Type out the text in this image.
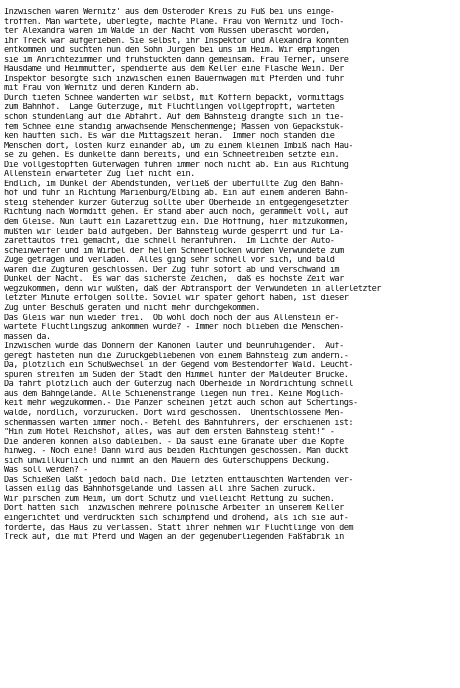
Inzwischen waren Wernitz' aus dem Osteroder Kreis zu Fuß bei uns einge-
troffen. Man wartete, überlegte, machte Pläne. Frau von Wernitz und Toch-
ter Alexandra waren im Walde in der Nacht vom Russen überascht worden,
ihr Treck war aufgerieben. Sie selbst, ihr Inspektor und Alexandra konnten
entkommen und suchten nun den Sohn Jürgen bei uns im Heim. Wir empfingen
sie im Anrichtezimmer und frühstückten dann gemeinsam. Frau Terner, unsere
Hausdame und Heimmutter, spendierte aus dem Keller eine Flasche Wein. Der
Inspektor besorgte sich inzwischen einen Bauernwagen mit Pferden und fuhr
mit Frau von Wernitz und deren Kindern ab.
Durch tiefen Schnee wanderten wir selbst, mit Koffern bepackt, vormittags
zum Bahnhof.  Lange Güterzüge, mit Flüchtlingen vollgepfropft, warteten
schon stundenlang auf die Abfahrt. Auf dem Bahnsteig drängte sich in tie-
fem Schnee eine ständig anwachsende Menschenmenge; Massen von Gepäckstük-
ken häuften sich. Es war die Mittagszeit heran.  Immer noch standen die
Menschen dort, lösten kurz einander ab, um zu einem kleinen Imbiß nach Hau-
se zu gehen. Es dunkelte dann bereits, und ein Schneetreiben setzte ein.
Die vollgestopften Güterwagen fuhren immer noch nicht ab. Ein aus Richtung
Allenstein erwarteter Zug lief nicht ein.
Endlich, im Dunkel der Abendstunden, verließ der überfüllte Zug den Bahn-
hof und fuhr in Richtung Marienburg/Elbing ab. Ein auf einem anderen Bahn-
steig stehender kurzer Güterzug sollte über Oberheide in entgegengesetzter
Richtung nach Wormditt gehen. Er stand aber auch noch, gerammelt voll, auf
dem Gleise. Nun läuft ein Lazarettzug ein. Die Hoffnung, hier mitzukommen,
mußten wir leider bald aufgeben. Der Bahnsteig wurde gesperrt und für La-
zarettautos frei gemacht, die schnell heranfuhren.  Im Lichte der Auto-
scheinwerfer und im Wirbel der hellen Schneeflocken wurden Verwundete zum
Zuge getragen und verladen.  Alles ging sehr schnell vor sich, und bald
waren die Zugtüren geschlossen. Der Zug fuhr sofort ab und verschwand im
Dunkel der Nacht.  Es war das sicherste Zeichen,  daß es höchste Zeit war
wegzukommen, denn wir wußten, daß der Abtransport der Verwundeten in allerletzter
letzter Minute erfolgen sollte. Soviel wir später gehört haben, ist dieser
Zug unter Beschuß geraten und nicht mehr durchgekommen.
Das Gleis war nun wieder frei.  Ob wohl doch noch der aus Allenstein er-
wartete Flüchtlingszug ankommen würde? - Immer noch blieben die Menschen-
massen da.
Inzwischen wurde das Donnern der Kanonen lauter und beunruhigender.  Auf-
geregt hasteten nun die Zurückgebliebenen von einem Bahnsteig zum andern.-
Da, plötzlich ein Schußwechsel in der Gegend vom Bestendorfer Wald. Leucht-
spuren streifen im Süden der Stadt den Himmel hinter der Maldeuter Brücke.
Da fährt plötzlich auch der Güterzug nach Oberheide in Nordrichtung schnell
aus dem Bahngelände. Alle Schienenstränge liegen nun frei. Keine Möglich-
keit mehr wegzukommen.- Die Panzer scheinen jetzt auch schon auf Schertings-
walde, nördlich, vorzurücken. Dort wird geschossen.  Unentschlossene Men-
schenmassen warten immer noch.- Befehl des Bahnführers, der erschienen ist:
"Hin zum Hotel Reichshof, alles, was auf dem ersten Bahnsteig steht!" -
Die anderen können also dableiben. - Da saust eine Granate über die Köpfe
hinweg. - Noch eine! Dann wird aus beiden Richtungen geschossen. Man duckt
sich unwillkürlich und nimmt an den Mauern des Güterschuppens Deckung.
Was soll werden? -
Das Schießen läßt jedoch bald nach. Die letzten enttäuschten Wartenden ver-
lassen eilig das Bahnhofsgelände und lassen all ihre Sachen zurück.
Wir pirschen zum Heim, um dort Schutz und vielleicht Rettung zu suchen.
Dort hatten sich  inzwischen mehrere polnische Arbeiter in unserem Keller
eingerichtet und verdrückten sich schimpfend und drohend, als ich sie auf-
forderte, das Haus zu verlassen. Statt ihrer nehmen wir Flüchtlinge von dem
Treck auf, die mit Pferd und Wagen an der gegenüberliegenden Faßfabrik in
